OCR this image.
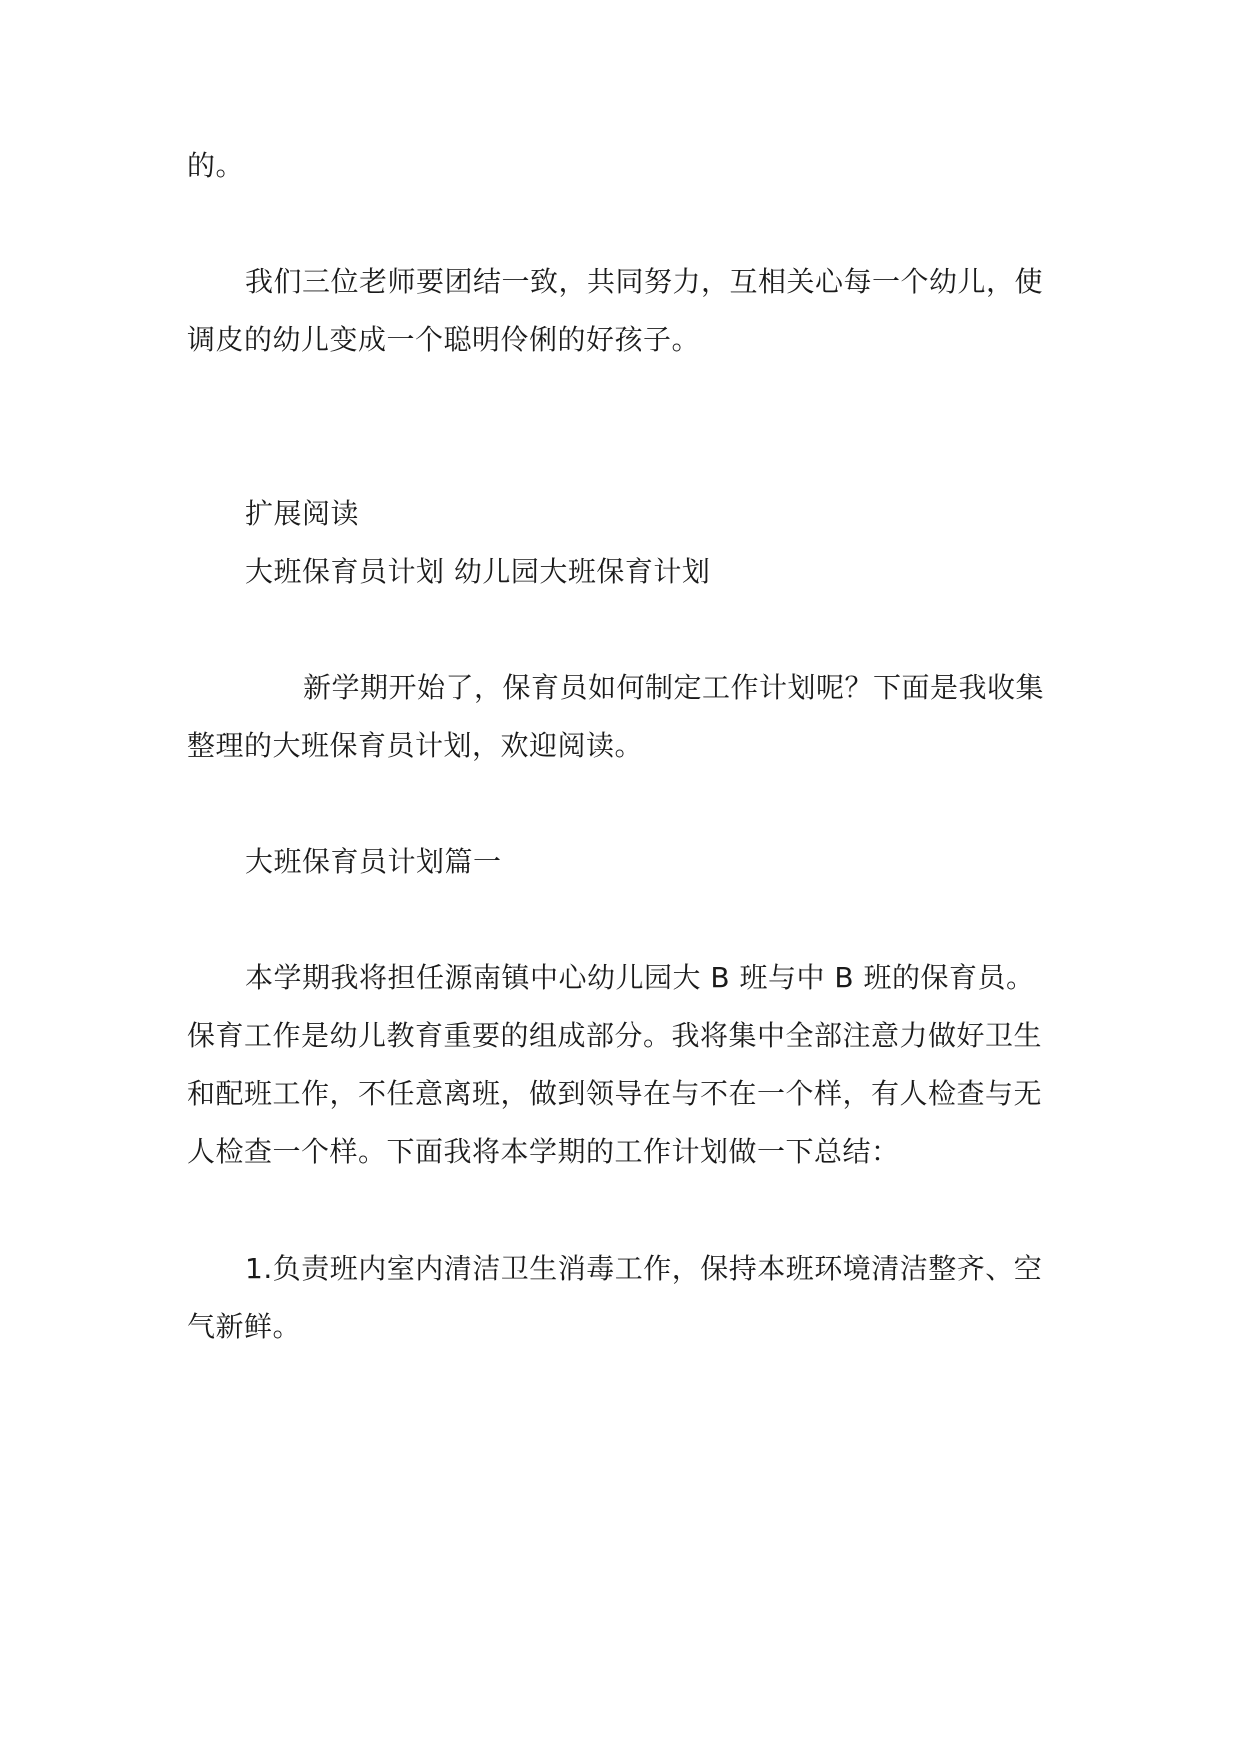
的。
我们三位老师要团结一致，共同努力，互相关心每一个幼儿，使
调皮的幼儿变成一个聪明伶俐的好孩子。
扩展阅读
大班保育员计划 幼儿园大班保育计划
新学期开始了，保育员如何制定工作计划呢？下面是我收集
整理的大班保育员计划，欢迎阅读。
大班保育员计划篇一
本学期我将担任源南镇中心幼儿园大 B 班与中 B 班的保育员。
保育工作是幼儿教育重要的组成部分。我将集中全部注意力做好卫生
和配班工作，不任意离班，做到领导在与不在一个样，有人检查与无
人检查一个样。下面我将本学期的工作计划做一下总结：
1.负责班内室内清洁卫生消毒工作，保持本班环境清洁整齐、空
气新鲜。
